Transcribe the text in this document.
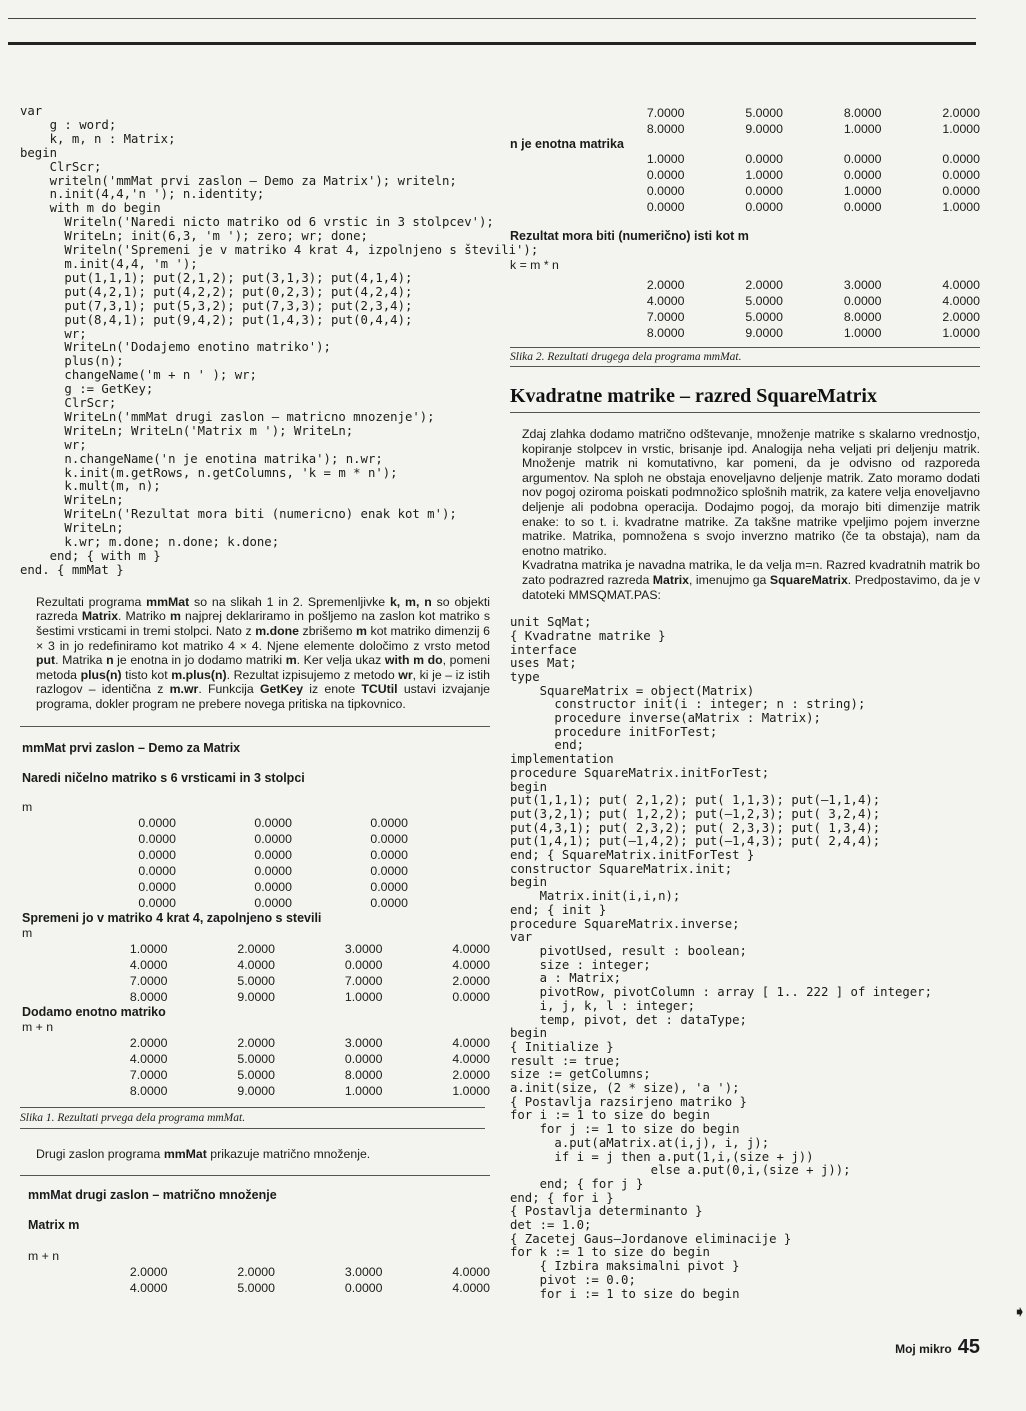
var
g : word;
k, m, n : Matrix;
begin
ClrScr;
writeln('mmMat prvi zaslon – Demo za Matrix'); writeln;
n.init(4,4,'n '); n.identity;
with m do begin
Writeln('Naredi nicto matriko od 6 vrstic in 3 stolpcev');
WriteLn; init(6,3, 'm '); zero; wr; done;
Writeln('Spremeni je v matriko 4 krat 4, izpolnjeno s števili');
m.init(4,4, 'm ');
put(1,1,1); put(2,1,2); put(3,1,3); put(4,1,4);
put(4,2,1); put(4,2,2); put(0,2,3); put(4,2,4);
put(7,3,1); put(5,3,2); put(7,3,3); put(2,3,4);
put(8,4,1); put(9,4,2); put(1,4,3); put(0,4,4);
wr;
WriteLn('Dodajemo enotino matriko');
plus(n);
changeName('m + n ' ); wr;
g := GetKey;
ClrScr;
WriteLn('mmMat drugi zaslon – matricno mnozenje');
WriteLn; WriteLn('Matrix m '); WriteLn;
wr;
n.changeName('n je enotina matrika'); n.wr;
k.init(m.getRows, n.getColumns, 'k = m * n');
k.mult(m, n);
WriteLn;
WriteLn('Rezultat mora biti (numericno) enak kot m');
WriteLn;
k.wr; m.done; n.done; k.done;
end; { with m }
end. { mmMat }

Rezultati programa mmMat so na slikah 1 in 2. Spremenljivke k, m, n so objekti razreda Matrix. Matriko m najprej deklariramo in pošljemo na zaslon kot matriko s šestimi vrsticami in tremi stolpci. Nato z m.done zbrišemo m kot matriko dimenzij 6 × 3 in jo redefiniramo kot matriko 4 × 4. Njene elemente določimo z vrsto metod put. Matrika n je enotna in jo dodamo matriki m. Ker velja ukaz with m do, pomeni metoda plus(n) tisto kot m.plus(n). Rezultat izpisujemo z metodo wr, ki je – iz istih razlogov – identična z m.wr. Funkcija GetKey iz enote TCUtil ustavi izvajanje programa, dokler program ne prebere novega pritiska na tipkovnico.

mmMat prvi zaslon – Demo za Matrix
Naredi ničelno matriko s 6 vrsticami in 3 stolpci
m
0.0000	0.0000	0.0000
0.0000	0.0000	0.0000
0.0000	0.0000	0.0000
0.0000	0.0000	0.0000
0.0000	0.0000	0.0000
0.0000	0.0000	0.0000
Spremeni jo v matriko 4 krat 4, zapolnjeno s stevili
m
1.0000	2.0000	3.0000	4.0000
4.0000	4.0000	0.0000	4.0000
7.0000	5.0000	7.0000	2.0000
8.0000	9.0000	1.0000	0.0000
Dodamo enotno matriko
m + n
2.0000	2.0000	3.0000	4.0000
4.0000	5.0000	0.0000	4.0000
7.0000	5.0000	8.0000	2.0000
8.0000	9.0000	1.0000	1.0000
Slika 1. Rezultati prvega dela programa mmMat.

Drugi zaslon programa mmMat prikazuje matrično množenje.

mmMat drugi zaslon – matrično množenje
Matrix m
m + n
2.0000	2.0000	3.0000	4.0000
4.0000	5.0000	0.0000	4.0000
7.0000	5.0000	8.0000	2.0000
8.0000	9.0000	1.0000	1.0000
n je enotna matrika
1.0000	0.0000	0.0000	0.0000
0.0000	1.0000	0.0000	0.0000
0.0000	0.0000	1.0000	0.0000
0.0000	0.0000	0.0000	1.0000
Rezultat mora biti (numerično) isti kot m
k = m * n
2.0000	2.0000	3.0000	4.0000
4.0000	5.0000	0.0000	4.0000
7.0000	5.0000	8.0000	2.0000
8.0000	9.0000	1.0000	1.0000
Slika 2. Rezultati drugega dela programa mmMat.
Kvadratne matrike – razred SquareMatrix

Zdaj zlahka dodamo matrično odštevanje, množenje matrike s skalarno vrednostjo, kopiranje stolpcev in vrstic, brisanje ipd. Analogija neha veljati pri deljenju matrik. Množenje matrik ni komutativno, kar pomeni, da je odvisno od razporeda argumentov. Na sploh ne obstaja enoveljavno deljenje matrik. Zato moramo dodati nov pogoj oziroma poiskati podmnožico splošnih matrik, za katere velja enoveljavno deljenje ali podobna operacija. Dodajmo pogoj, da morajo biti dimenzije matrik enake: to so t. i. kvadratne matrike. Za takšne matrike vpeljimo pojem inverzne matrike. Matrika, pomnožena s svojo inverzno matriko (če ta obstaja), nam da enotno matriko.

Kvadratna matrika je navadna matrika, le da velja m=n. Razred kvadratnih matrik bo zato podrazred razreda Matrix, imenujmo ga SquareMatrix. Predpostavimo, da je v datoteki MMSQMAT.PAS:

unit SqMat;
{ Kvadratne matrike }
interface
uses Mat;
type
SquareMatrix = object(Matrix)
constructor init(i : integer; n : string);
procedure inverse(aMatrix : Matrix);
procedure initForTest;
end;
implementation
procedure SquareMatrix.initForTest;
begin
put(1,1,1); put( 2,1,2); put( 1,1,3); put(–1,1,4);
put(3,2,1); put( 1,2,2); put(–1,2,3); put( 3,2,4);
put(4,3,1); put( 2,3,2); put( 2,3,3); put( 1,3,4);
put(1,4,1); put(–1,4,2); put(–1,4,3); put( 2,4,4);
end; { SquareMatrix.initForTest }
constructor SquareMatrix.init;
begin
Matrix.init(i,i,n);
end; { init }
procedure SquareMatrix.inverse;
var
pivotUsed, result : boolean;
size : integer;
a : Matrix;
pivotRow, pivotColumn : array [ 1.. 222 ] of integer;
i, j, k, l : integer;
temp, pivot, det : dataType;
begin
{ Initialize }
result := true;
size := getColumns;
a.init(size, (2 * size), 'a ');
{ Postavlja razsirjeno matriko }
for i := 1 to size do begin
for j := 1 to size do begin
a.put(aMatrix.at(i,j), i, j);
if i = j then a.put(1,i,(size + j))
else a.put(0,i,(size + j));
end; { for j }
end; { for i }
{ Postavlja determinanto }
det := 1.0;
{ Zacetej Gaus–Jordanove eliminacije }
for k := 1 to size do begin
{ Izbira maksimalni pivot }
pivot := 0.0;
for i := 1 to size do begin
➧
Moj mikro 45
